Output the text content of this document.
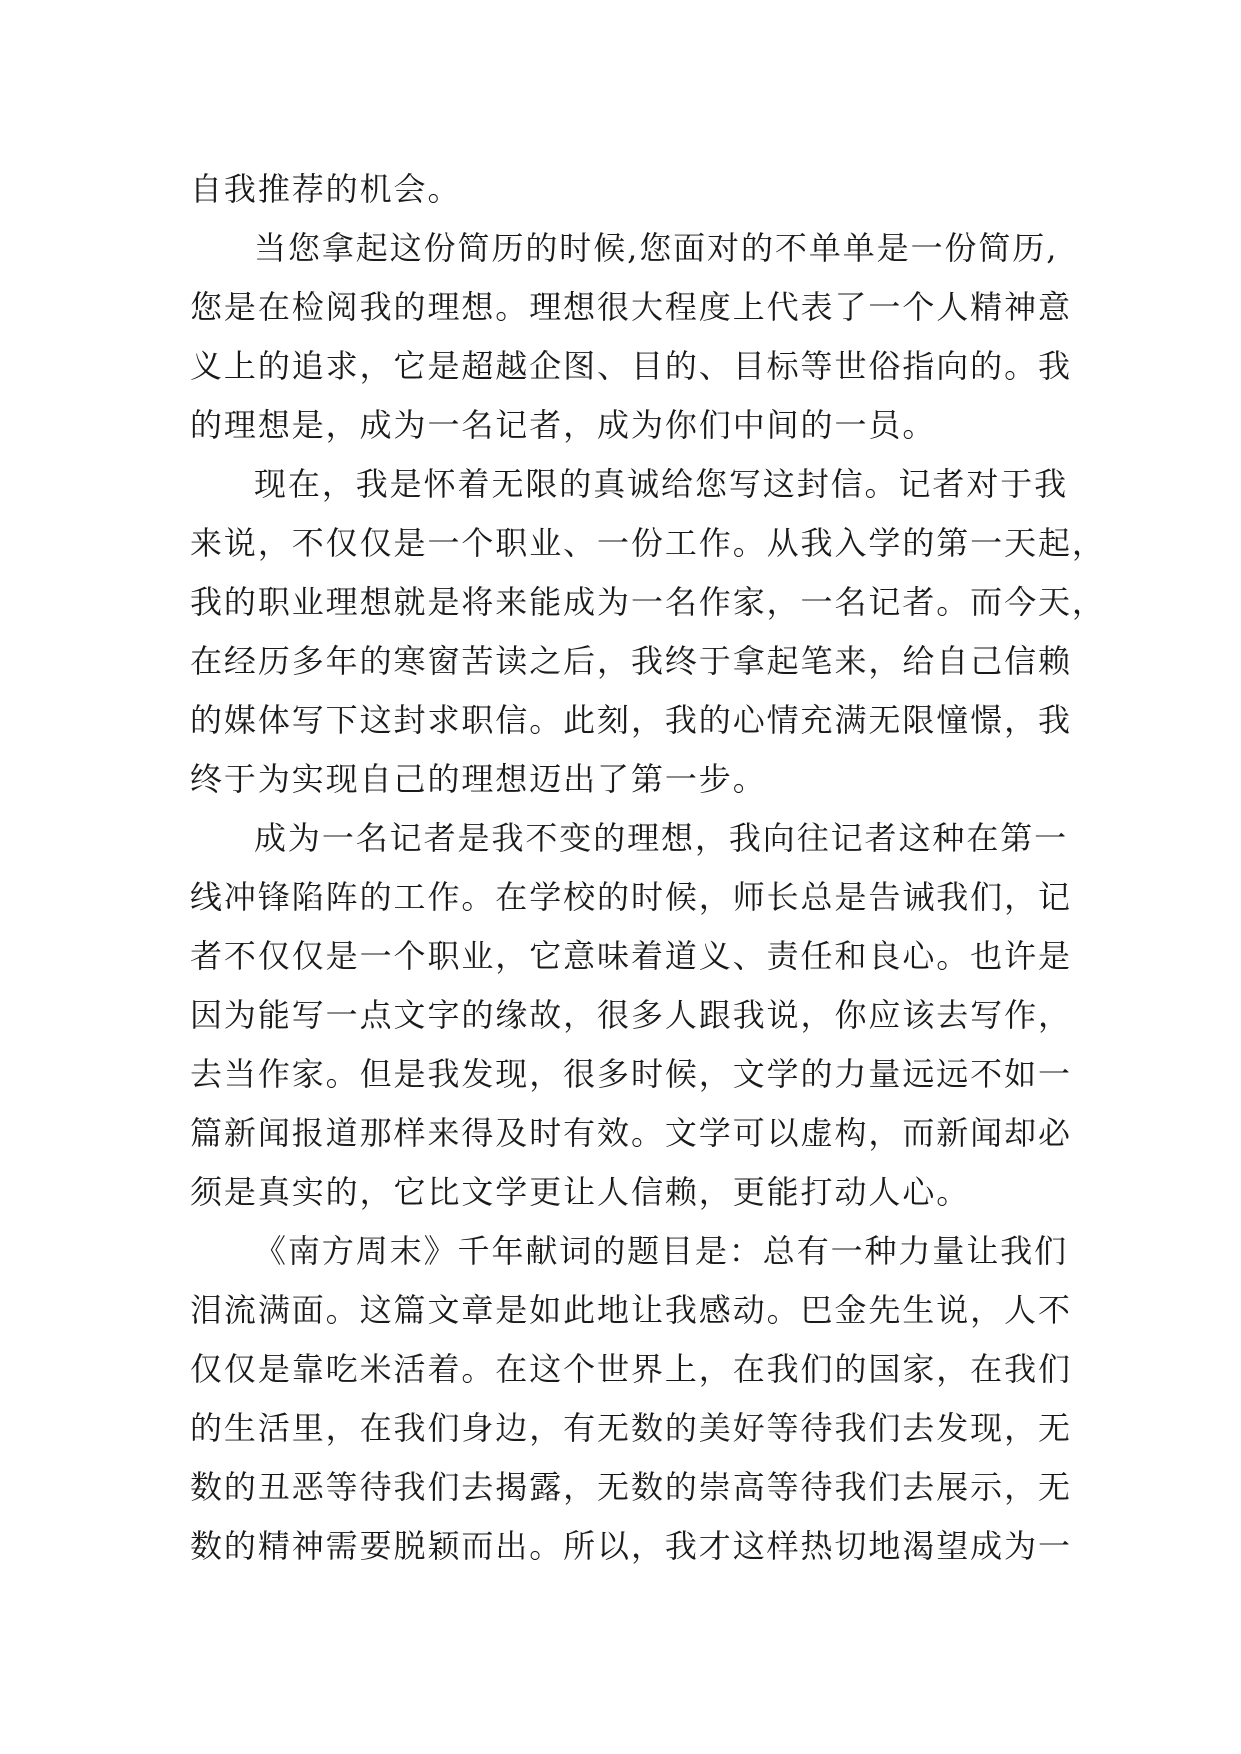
自我推荐的机会。
当您拿起这份简历的时候,您面对的不单单是一份简历,
您是在检阅我的理想。理想很大程度上代表了一个人精神意
义上的追求，它是超越企图、目的、目标等世俗指向的。我
的理想是，成为一名记者，成为你们中间的一员。
现在，我是怀着无限的真诚给您写这封信。记者对于我
来说，不仅仅是一个职业、一份工作。从我入学的第一天起，
我的职业理想就是将来能成为一名作家，一名记者。而今天，
在经历多年的寒窗苦读之后，我终于拿起笔来，给自己信赖
的媒体写下这封求职信。此刻，我的心情充满无限憧憬，我
终于为实现自己的理想迈出了第一步。
成为一名记者是我不变的理想，我向往记者这种在第一
线冲锋陷阵的工作。在学校的时候，师长总是告诫我们，记
者不仅仅是一个职业，它意味着道义、责任和良心。也许是
因为能写一点文字的缘故，很多人跟我说，你应该去写作，
去当作家。但是我发现，很多时候，文学的力量远远不如一
篇新闻报道那样来得及时有效。文学可以虚构，而新闻却必
须是真实的，它比文学更让人信赖，更能打动人心。
《南方周末》千年献词的题目是：总有一种力量让我们
泪流满面。这篇文章是如此地让我感动。巴金先生说，人不
仅仅是靠吃米活着。在这个世界上，在我们的国家，在我们
的生活里，在我们身边，有无数的美好等待我们去发现，无
数的丑恶等待我们去揭露，无数的崇高等待我们去展示，无
数的精神需要脱颖而出。所以，我才这样热切地渴望成为一
